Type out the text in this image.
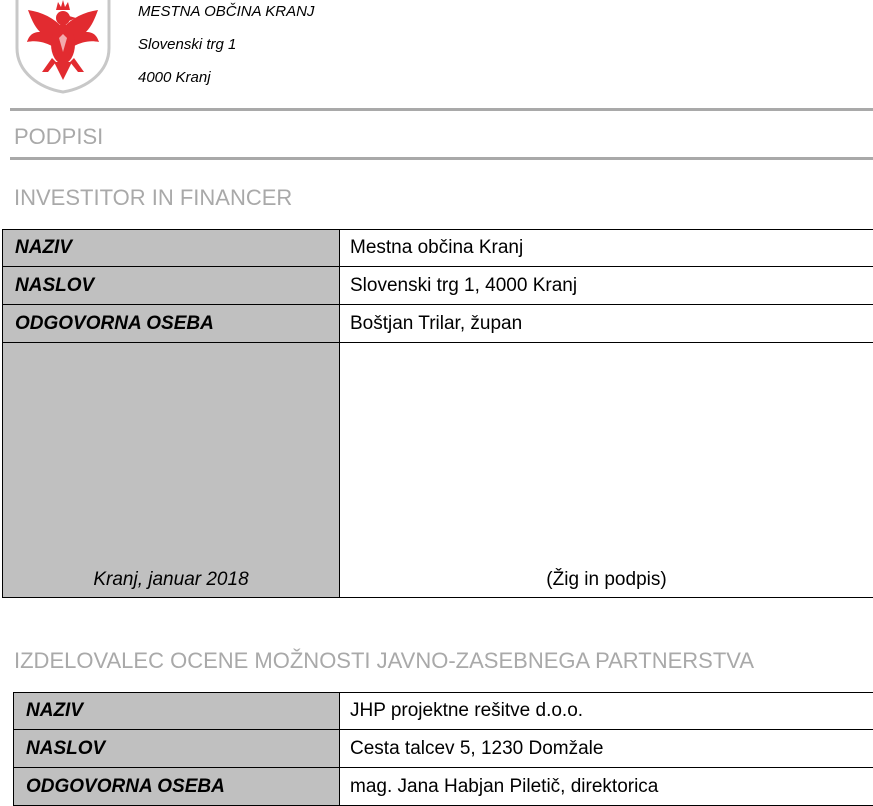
MESTNA OBČINA KRANJ
Slovenski trg 1
4000 Kranj
PODPISI
INVESTITOR IN FINANCER
NAZIV	Mestna občina Kranj
NASLOV	Slovenski trg 1, 4000 Kranj
ODGOVORNA OSEBA	Boštjan Trilar, župan
Kranj, januar 2018	(Žig in podpis)
IZDELOVALEC OCENE MOŽNOSTI JAVNO-ZASEBNEGA PARTNERSTVA
NAZIV	JHP projektne rešitve d.o.o.
NASLOV	Cesta talcev 5, 1230 Domžale
ODGOVORNA OSEBA	mag. Jana Habjan Piletič, direktorica
